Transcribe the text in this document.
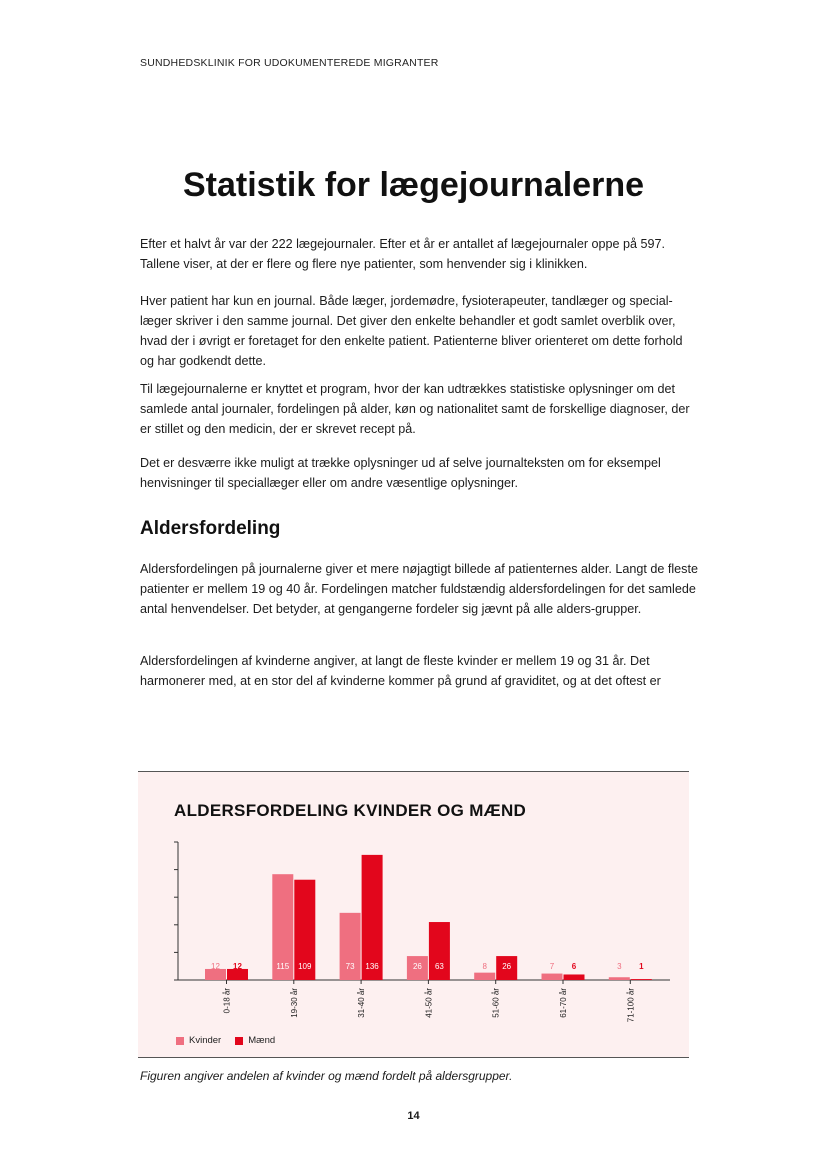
SUNDHEDSKLINIK FOR UDOKUMENTEREDE MIGRANTER
Statistik for lægejournalerne

Efter et halvt år var der 222 lægejournaler. Efter et år er antallet af lægejournaler oppe på 597. Tallene viser, at der er flere og flere nye patienter, som henvender sig i klinikken.

Hver patient har kun en journal. Både læger, jordemødre, fysioterapeuter, tandlæger og special-læger skriver i den samme journal. Det giver den enkelte behandler et godt samlet overblik over, hvad der i øvrigt er foretaget for den enkelte patient. Patienterne bliver orienteret om dette forhold og har godkendt dette.

Til lægejournalerne er knyttet et program, hvor der kan udtrækkes statistiske oplysninger om det samlede antal journaler, fordelingen på alder, køn og nationalitet samt de forskellige diagnoser, der er stillet og den medicin, der er skrevet recept på.

Det er desværre ikke muligt at trække oplysninger ud af selve journalteksten om for eksempel henvisninger til speciallæger eller om andre væsentlige oplysninger.

Aldersfordeling

Aldersfordelingen på journalerne giver et mere nøjagtigt billede af patienternes alder. Langt de fleste patienter er mellem 19 og 40 år. Fordelingen matcher fuldstændig aldersfordelingen for det samlede antal henvendelser. Det betyder, at gengangerne fordeler sig jævnt på alle alders-grupper.

Aldersfordelingen af kvinderne angiver, at langt de fleste kvinder er mellem 19 og 31 år. Det harmonerer med, at en stor del af kvinderne kommer på grund af graviditet, og at det oftest er

ALDERSFORDELING KVINDER OG MÆND
12 12
0-18 år
115 109
19-30 år
73 136
31-40 år
26 63
41-50 år
8 26
51-60 år
7 6
61-70 år
3 1
71-100 år
Kvinder	Mænd

Figuren angiver andelen af kvinder og mænd fordelt på aldersgrupper.

14
